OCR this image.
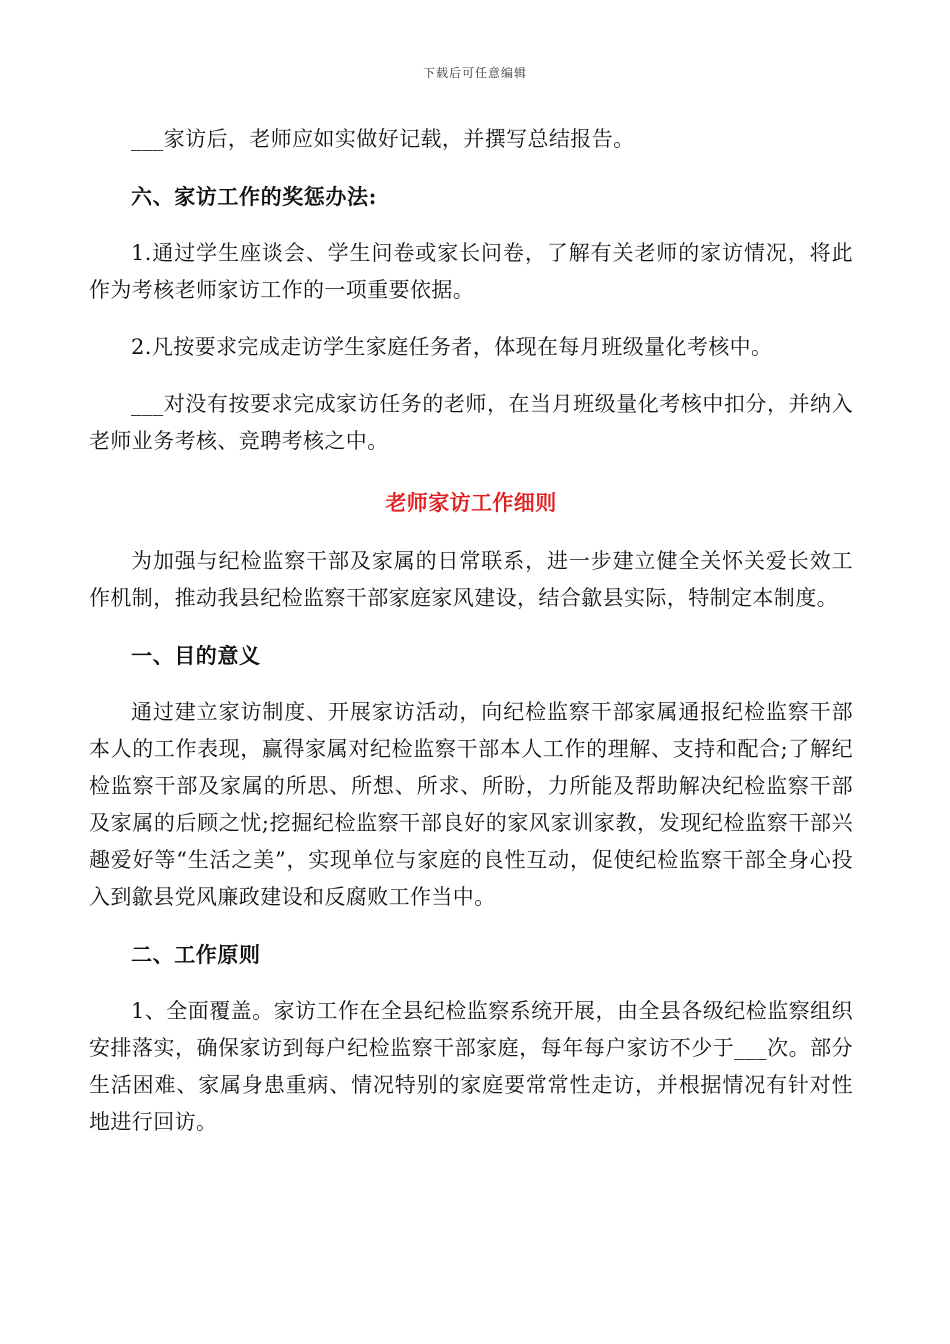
下载后可任意编辑

___家访后，老师应如实做好记载，并撰写总结报告。

六、家访工作的奖惩办法:

1.通过学生座谈会、学生问卷或家长问卷，了解有关老师的家访情况，将此作为考核老师家访工作的一项重要依据。

2.凡按要求完成走访学生家庭任务者，体现在每月班级量化考核中。

___对没有按要求完成家访任务的老师，在当月班级量化考核中扣分，并纳入老师业务考核、竞聘考核之中。

老师家访工作细则

为加强与纪检监察干部及家属的日常联系，进一步建立健全关怀关爱长效工作机制，推动我县纪检监察干部家庭家风建设，结合歙县实际，特制定本制度。

一、目的意义

通过建立家访制度、开展家访活动，向纪检监察干部家属通报纪检监察干部本人的工作表现，赢得家属对纪检监察干部本人工作的理解、支持和配合;了解纪检监察干部及家属的所思、所想、所求、所盼，力所能及帮助解决纪检监察干部及家属的后顾之忧;挖掘纪检监察干部良好的家风家训家教，发现纪检监察干部兴趣爱好等“生活之美”，实现单位与家庭的良性互动，促使纪检监察干部全身心投入到歙县党风廉政建设和反腐败工作当中。

二、工作原则

1、全面覆盖。家访工作在全县纪检监察系统开展，由全县各级纪检监察组织安排落实，确保家访到每户纪检监察干部家庭，每年每户家访不少于___次。部分生活困难、家属身患重病、情况特别的家庭要常常性走访，并根据情况有针对性地进行回访。
